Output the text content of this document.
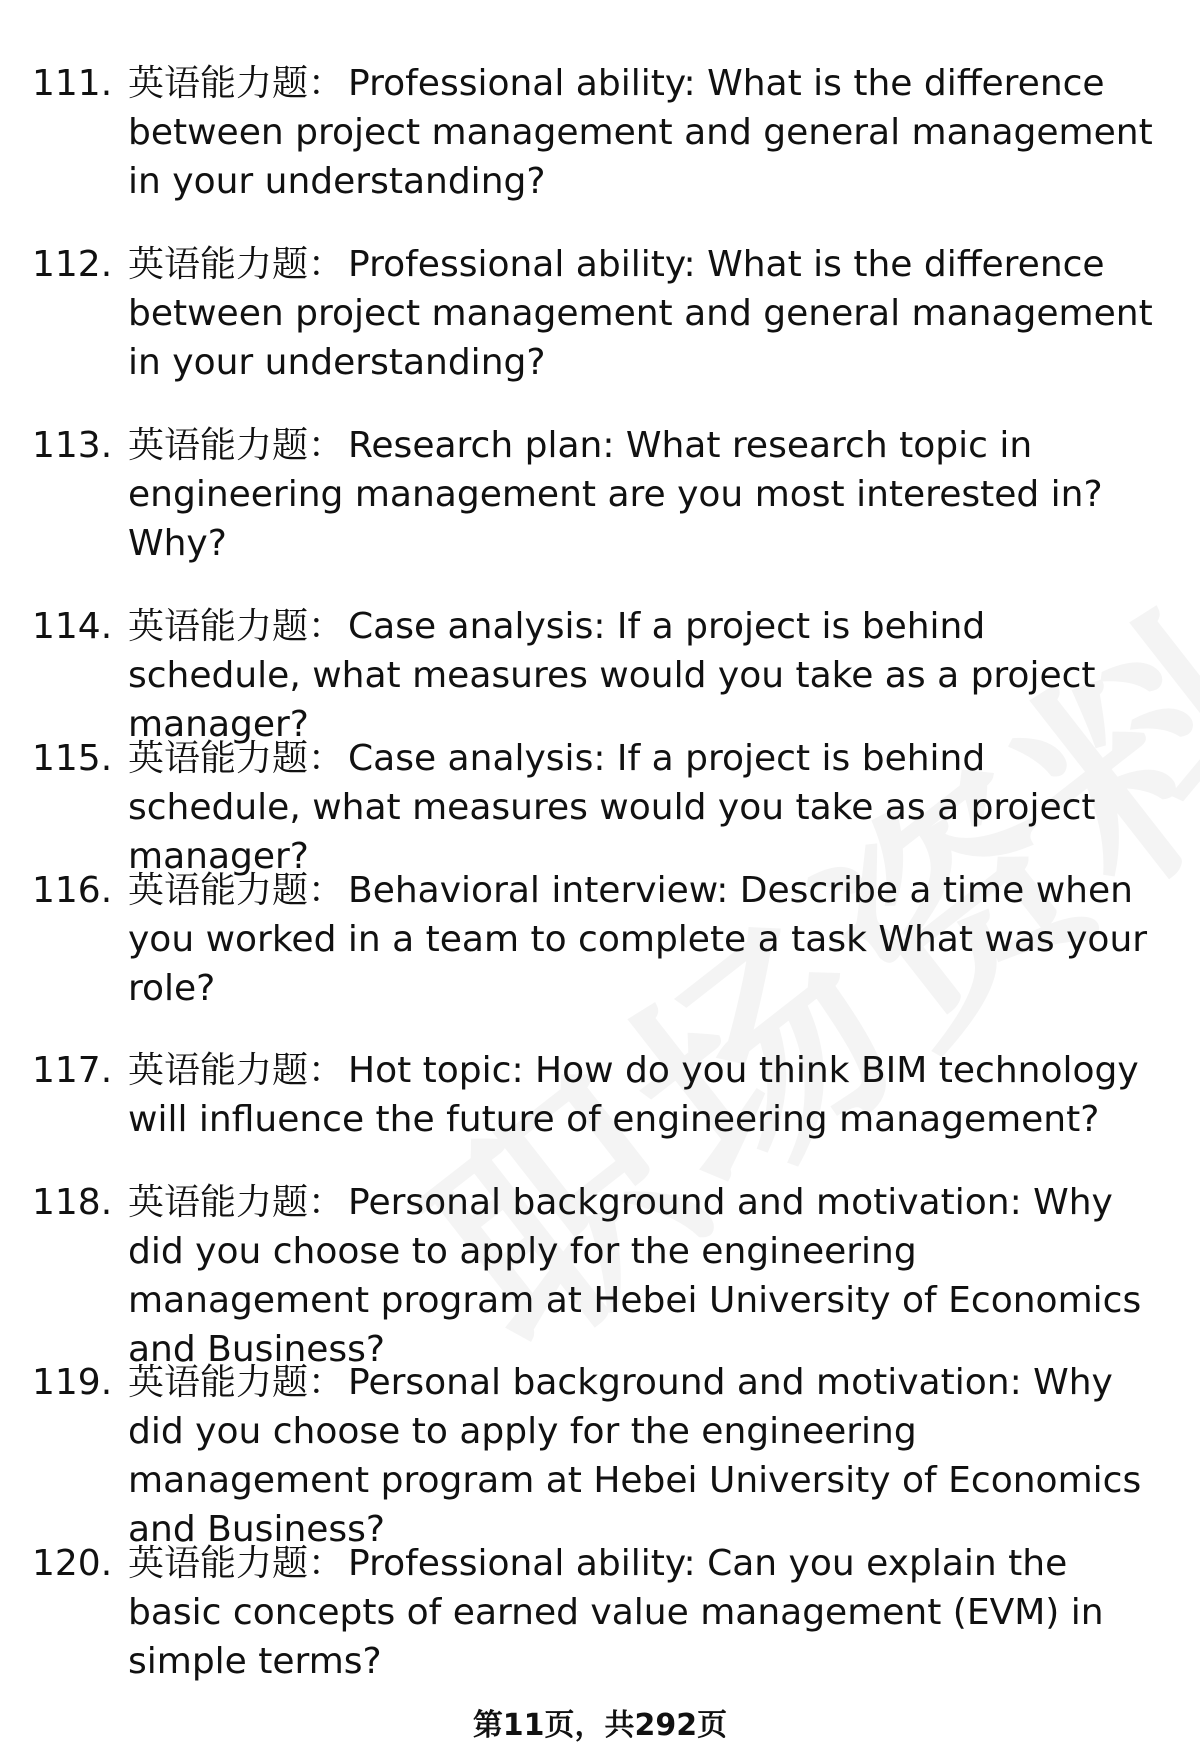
111. 英语能力题： Professional ability: What is the difference between project management and general management in your understanding?
112. 英语能力题： Professional ability: What is the difference between project management and general management in your understanding?
113. 英语能力题： Research plan: What research topic in engineering management are you most interested in? Why?
114. 英语能力题： Case analysis: If a project is behind schedule, what measures would you take as a project manager?
115. 英语能力题： Case analysis: If a project is behind schedule, what measures would you take as a project manager?
116. 英语能力题： Behavioral interview: Describe a time when you worked in a team to complete a task What was your role?
117. 英语能力题： Hot topic: How do you think BIM technology will influence the future of engineering management?
118. 英语能力题： Personal background and motivation: Why did you choose to apply for the engineering management program at Hebei University of Economics and Business?
119. 英语能力题： Personal background and motivation: Why did you choose to apply for the engineering management program at Hebei University of Economics and Business?
120. 英语能力题： Professional ability: Can you explain the basic concepts of earned value management (EVM) in simple terms?
第11页，共292页
